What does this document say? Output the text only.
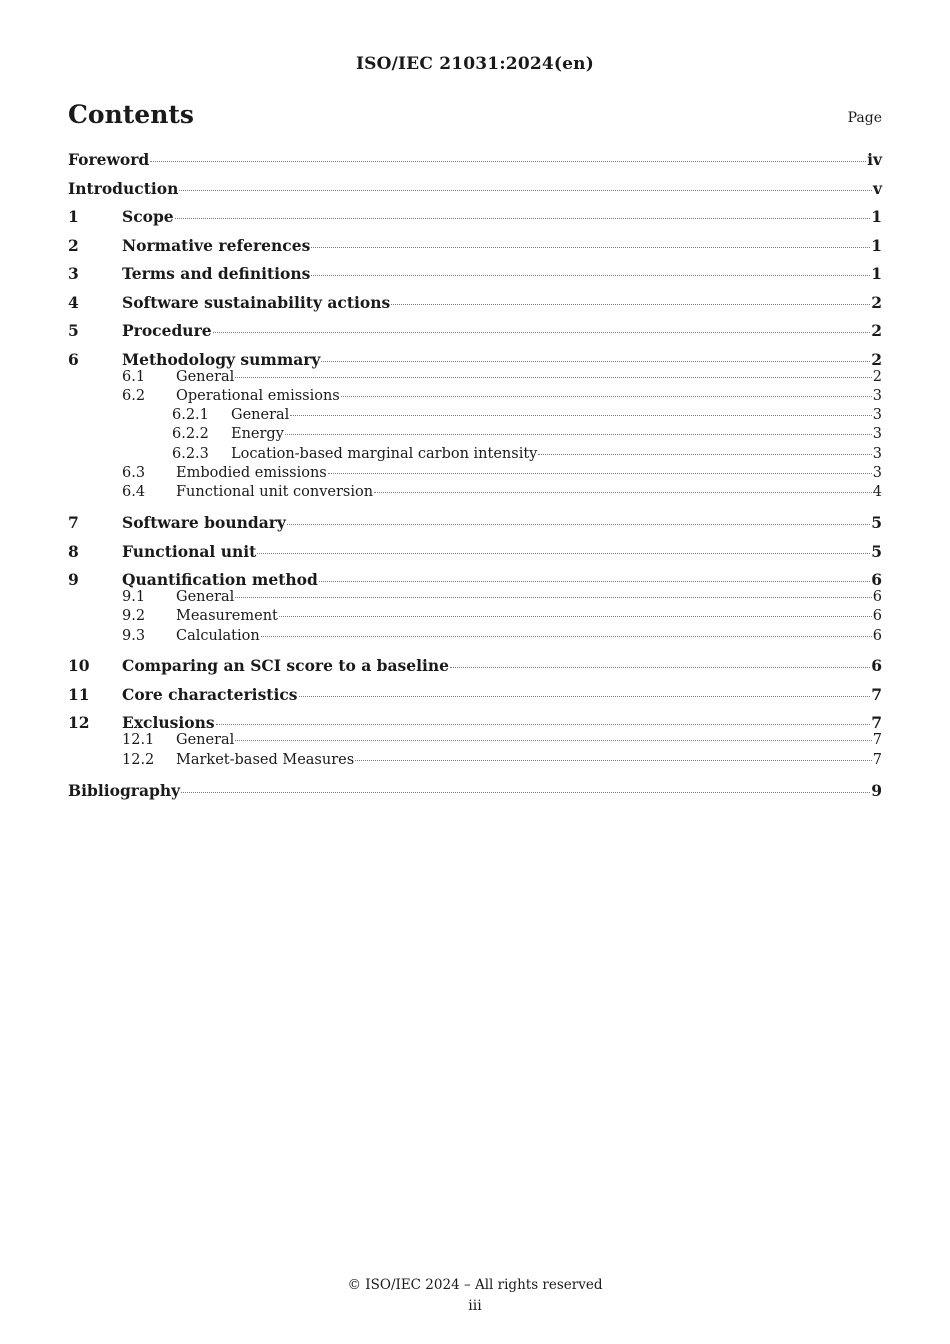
ISO/IEC 21031:2024(en)
Contents	Page
Foreword	iv
Introduction	v
1	Scope	1
2	Normative references	1
3	Terms and definitions	1
4	Software sustainability actions	2
5	Procedure	2
6	Methodology summary	2
6.1	General	2
6.2	Operational emissions	3
6.2.1	General	3
6.2.2	Energy	3
6.2.3	Location-based marginal carbon intensity	3
6.3	Embodied emissions	3
6.4	Functional unit conversion	4
7	Software boundary	5
8	Functional unit	5
9	Quantification method	6
9.1	General	6
9.2	Measurement	6
9.3	Calculation	6
10	Comparing an SCI score to a baseline	6
11	Core characteristics	7
12	Exclusions	7
12.1	General	7
12.2	Market-based Measures	7
Bibliography	9
© ISO/IEC 2024 – All rights reserved
iii
